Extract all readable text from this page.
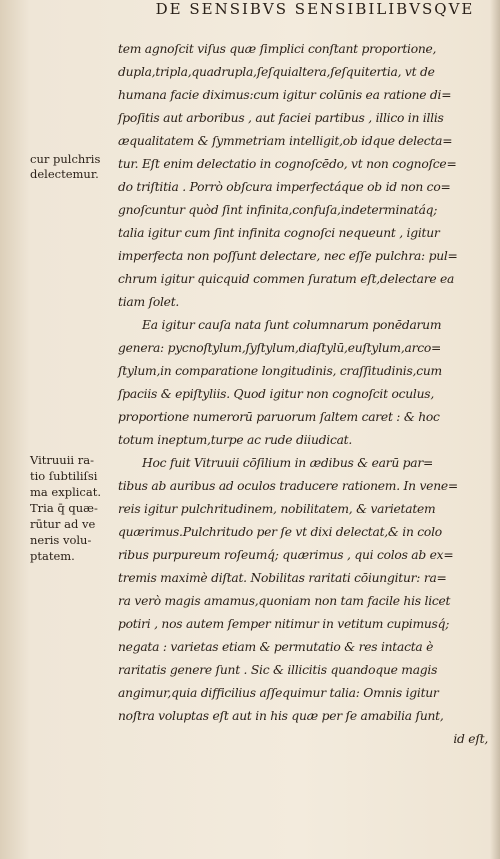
DE SENSIBVS SENSIBILIBVSQVE
cur pulchris
delectemur.
Vitruuii ra-
tio ſubtiliſsi
ma explicat.
Tria q̄ quæ-
rūtur ad ve
neris volu-
ptatem.
tem agnoſcit viſus quæ ſimplici conſtant proportione,
dupla,tripla,quadrupla,ſeſquialtera,ſeſquitertia, vt de
humana facie diximus:cum igitur colūnis ea ratione di=
ſpoſitis aut arboribus , aut faciei partibus , illico in illis
æqualitatem & ſymmetriam intelligit,ob idque delecta=
tur. Eſt enim delectatio in cognoſcēdo, vt non cognoſce=
do triſtitia . Porrò obſcura imperfectáque ob id non co=
gnoſcuntur quòd ſint infinita,confuſa,indeterminatáq;
talia igitur cum ſint infinita cognoſci nequeunt , igitur
imperfecta non poſſunt delectare, nec eſſe pulchra: pul=
chrum igitur quicquid commen ſuratum eſt,delectare ea
tiam ſolet.
Ea igitur cauſa nata ſunt columnarum ponēdarum
genera: pycnoſtylum,ſyſtylum,diaſtylū,euſtylum,arco=
ſtylum,in comparatione longitudinis, craſſitudinis,cum
ſpaciis & epiſtyliis. Quod igitur non cognoſcit oculus,
proportione numerorū paruorum ſaltem caret : & hoc
totum ineptum,turpe ac rude diiudicat.
Hoc fuit Vitruuii cōſilium in ædibus & earū par=
tibus ab auribus ad oculos traducere rationem. In vene=
reis igitur pulchritudinem, nobilitatem, & varietatem
quærimus.Pulchritudo per ſe vt dixi delectat,& in colo
ribus purpureum roſeumq́; quærimus , qui colos ab ex=
tremis maximè diſtat. Nobilitas raritati cōiungitur: ra=
ra verò magis amamus,quoniam non tam facile his licet
potiri , nos autem ſemper nitimur in vetitum cupimusq́;
negata : varietas etiam & permutatio & res intacta è
raritatis genere ſunt . Sic & illicitis quandoque magis
angimur,quia difficilius aſſequimur talia: Omnis igitur
noſtra voluptas eſt aut in his quæ per ſe amabilia ſunt,
id eſt,
